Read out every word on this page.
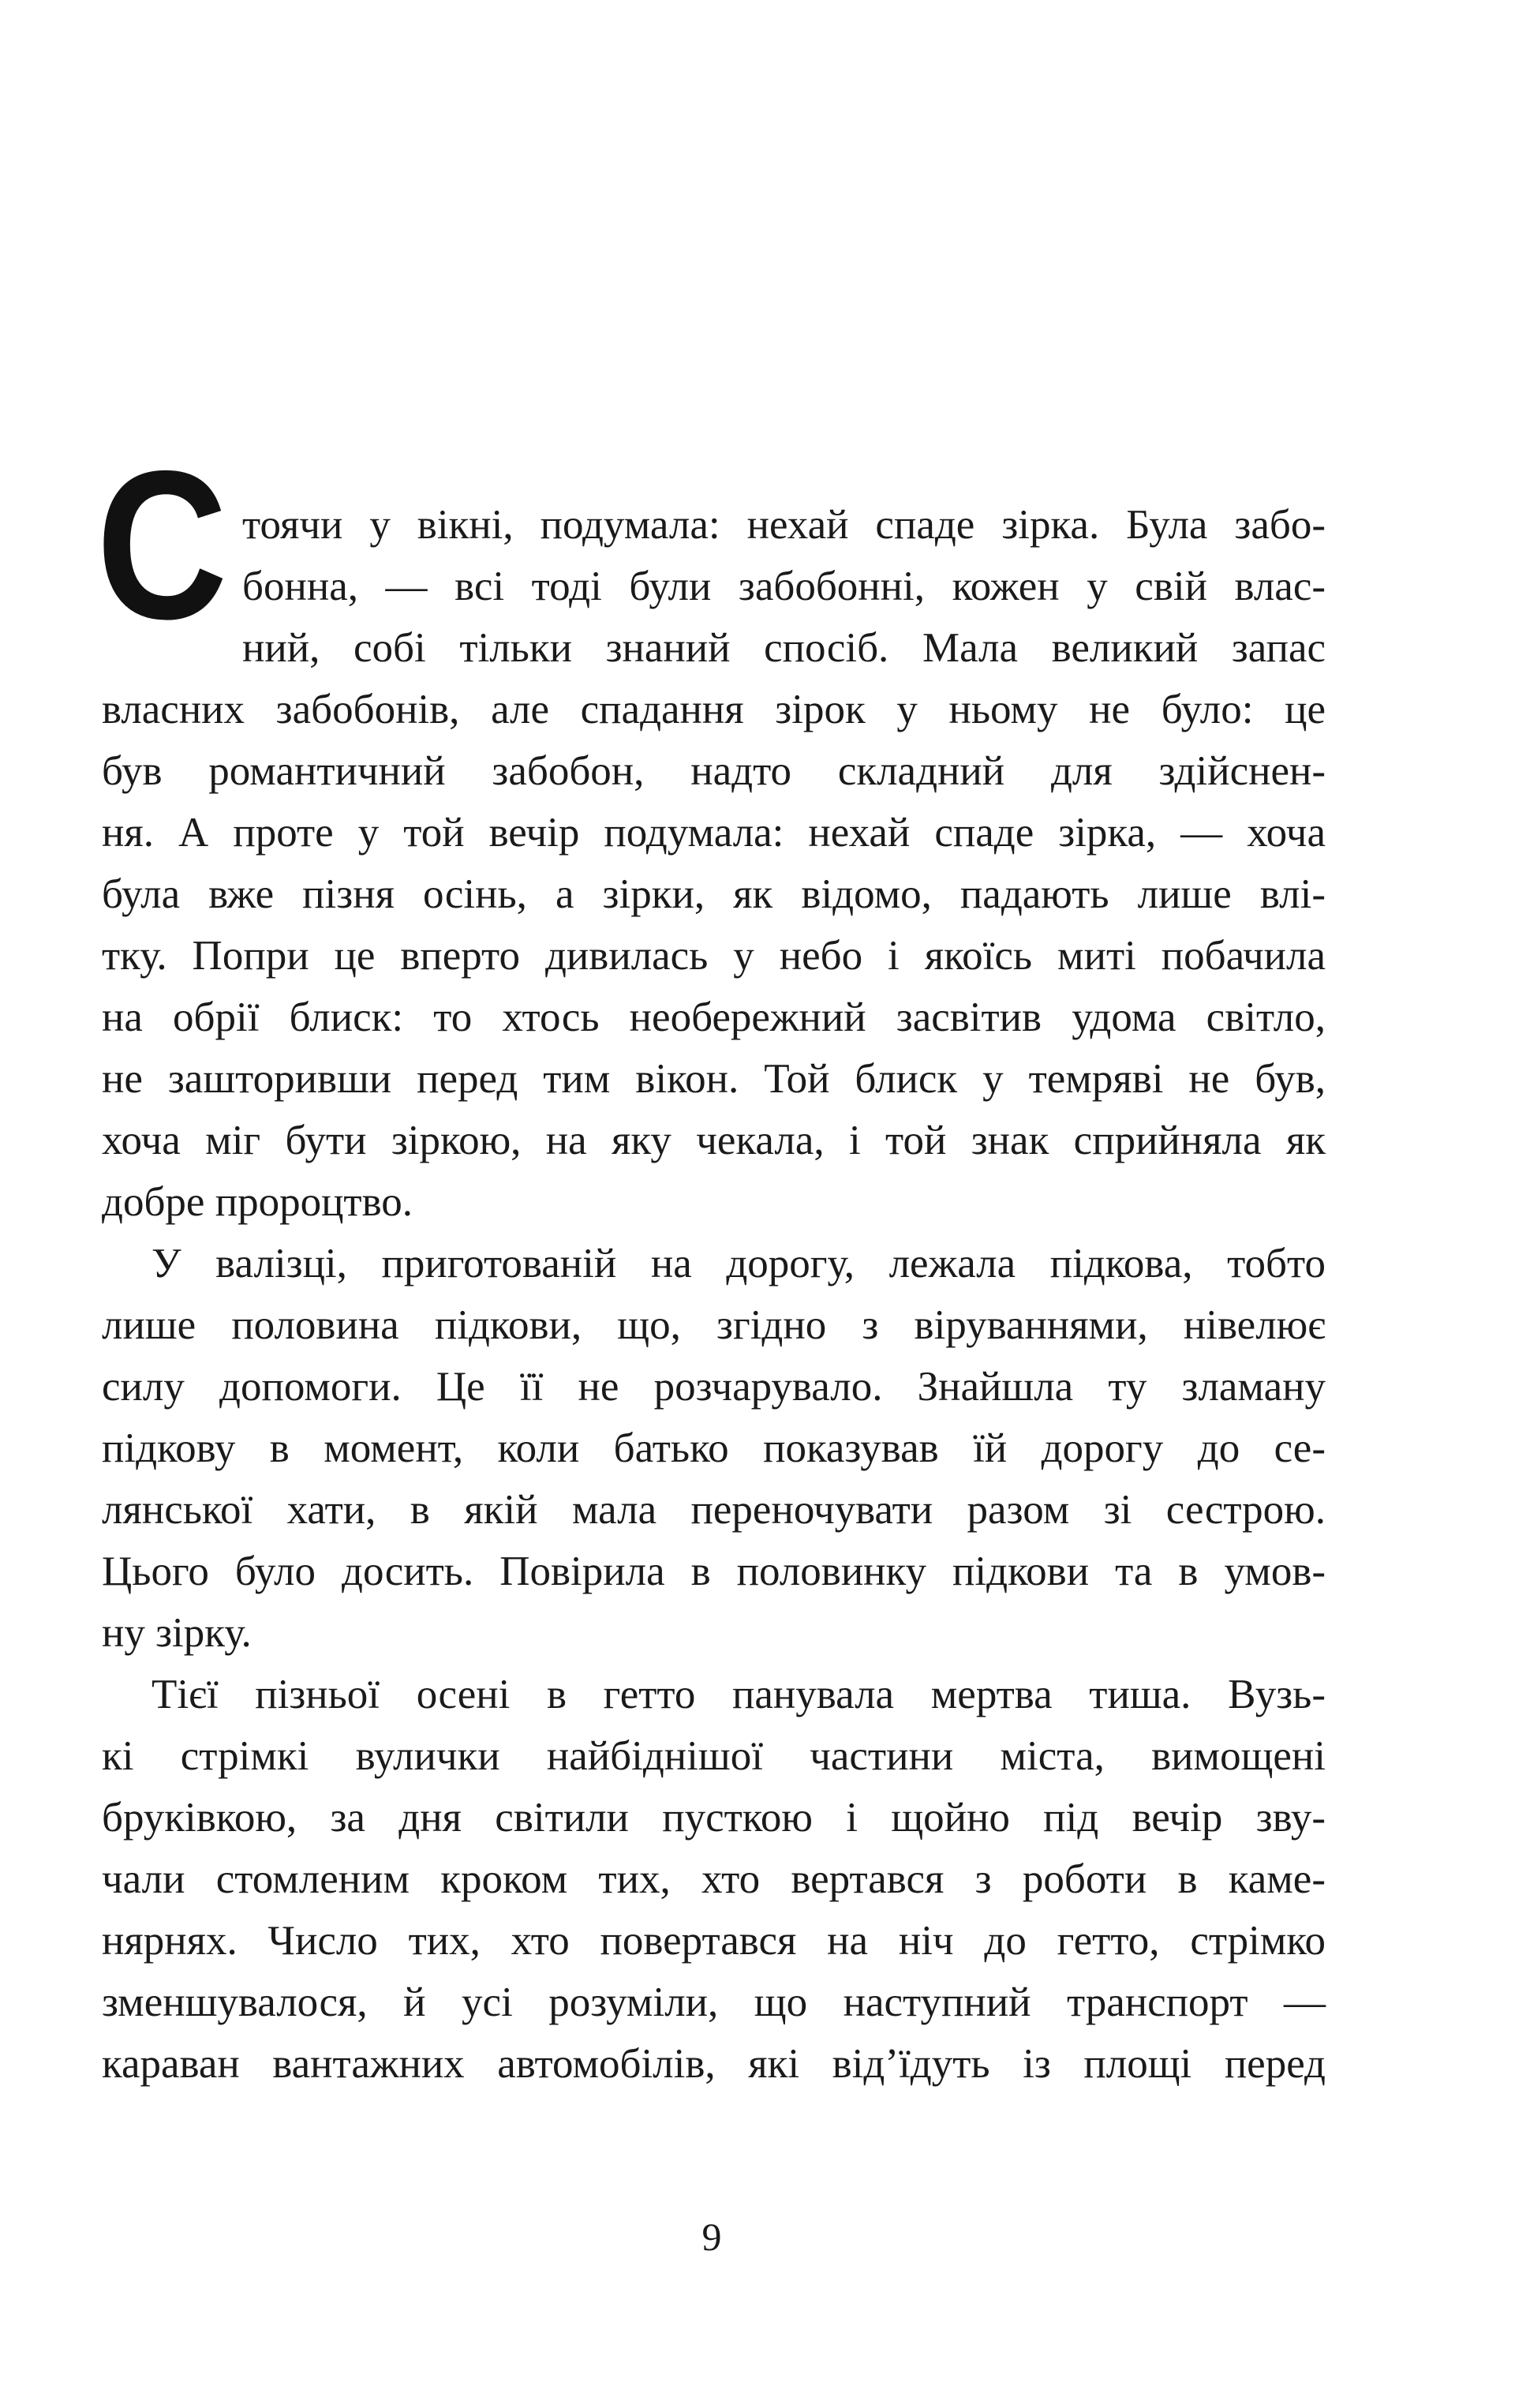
С тоячи у вікні, подумала: нехай спаде зірка. Була забо-
бонна, — всі тоді були забобонні, кожен у свій влас-
ний, собі тільки знаний спосіб. Мала великий запас
власних забобонів, але спадання зірок у ньому не було: це
був романтичний забобон, надто складний для здійснен-
ня. А проте у той вечір подумала: нехай спаде зірка, — хоча
була вже пізня осінь, а зірки, як відомо, падають лише влі-
тку. Попри це вперто дивилась у небо і якоїсь миті побачила
на обрії блиск: то хтось необережний засвітив удома світло,
не зашторивши перед тим вікон. Той блиск у темряві не був,
хоча міг бути зіркою, на яку чекала, і той знак сприйняла як
добре пророцтво.
У валізці, приготованій на дорогу, лежала підкова, тобто
лише половина підкови, що, згідно з віруваннями, нівелює
силу допомоги. Це її не розчарувало. Знайшла ту зламану
підкову в момент, коли батько показував їй дорогу до се-
лянської хати, в якій мала переночувати разом зі сестрою.
Цього було досить. Повірила в половинку підкови та в умов-
ну зірку.
Тієї пізньої осені в гетто панувала мертва тиша. Вузь-
кі стрімкі вулички найбіднішої частини міста, вимощені
бруківкою, за дня світили пусткою і щойно під вечір зву-
чали стомленим кроком тих, хто вертався з роботи в каме-
нярнях. Число тих, хто повертався на ніч до гетто, стрімко
зменшувалося, й усі розуміли, що наступний транспорт —
караван вантажних автомобілів, які від’їдуть із площі перед
9
